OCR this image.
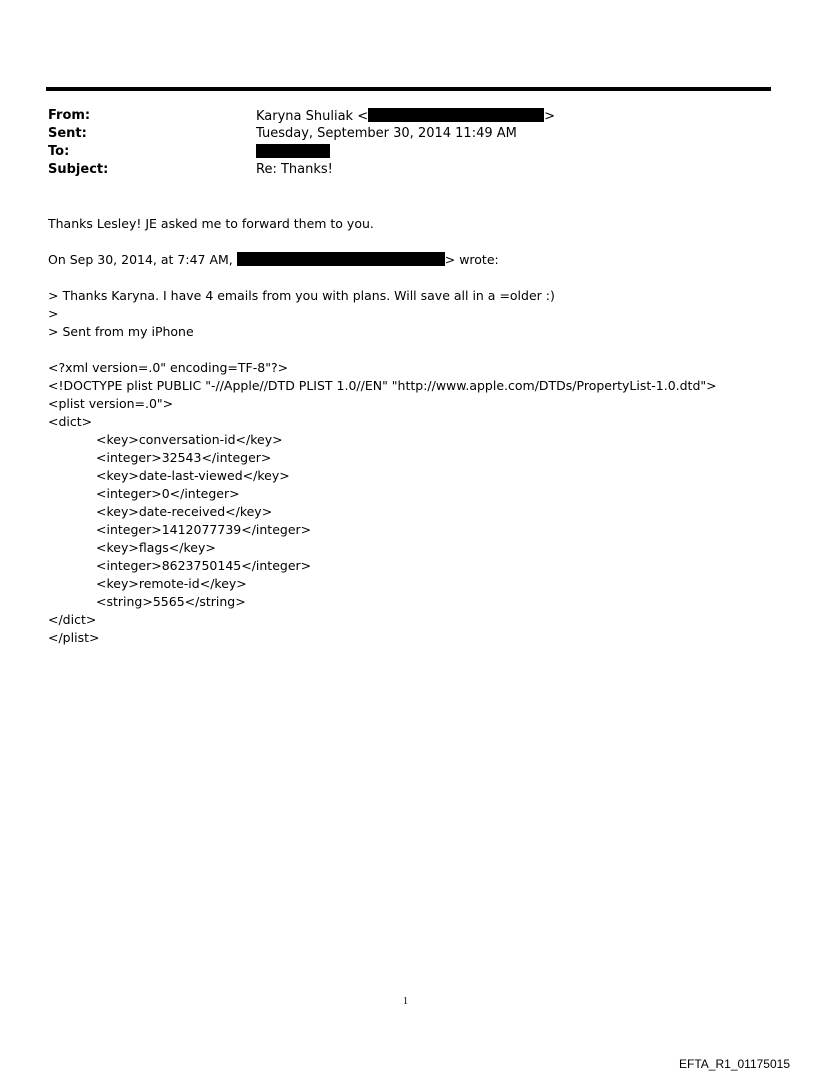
From:	Karyna Shuliak <	>
Sent:	Tuesday, September 30, 2014 11:49 AM
To:
Subject:	Re: Thanks!
Thanks Lesley! JE asked me to forward them to you.
On Sep 30, 2014, at 7:47 AM,	> wrote:
> Thanks Karyna. I have 4 emails from you with plans. Will save all in a =older :)
>
> Sent from my iPhone
<?xml version=.0" encoding=TF-8"?>
<!DOCTYPE plist PUBLIC "-//Apple//DTD PLIST 1.0//EN" "http://www.apple.com/DTDs/PropertyList-1.0.dtd">
<plist version=.0">
<dict>
<key>conversation-id</key>
<integer>32543</integer>
<key>date-last-viewed</key>
<integer>0</integer>
<key>date-received</key>
<integer>1412077739</integer>
<key>flags</key>
<integer>8623750145</integer>
<key>remote-id</key>
<string>5565</string>
</dict>
</plist>
1
EFTA_R1_01175015
